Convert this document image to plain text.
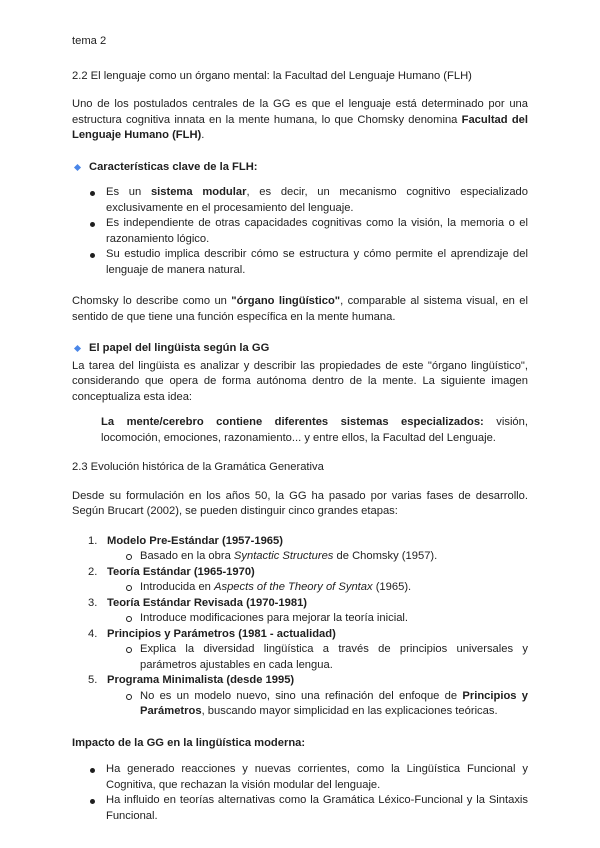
tema 2

2.2 El lenguaje como un órgano mental: la Facultad del Lenguaje Humano (FLH)

Uno de los postulados centrales de la GG es que el lenguaje está determinado por una estructura cognitiva innata en la mente humana, lo que Chomsky denomina Facultad del Lenguaje Humano (FLH).

Características clave de la FLH:
Es un sistema modular, es decir, un mecanismo cognitivo especializado exclusivamente en el procesamiento del lenguaje.
Es independiente de otras capacidades cognitivas como la visión, la memoria o el razonamiento lógico.
Su estudio implica describir cómo se estructura y cómo permite el aprendizaje del lenguaje de manera natural.

Chomsky lo describe como un "órgano lingüístico", comparable al sistema visual, en el sentido de que tiene una función específica en la mente humana.

El papel del lingüista según la GG

La tarea del lingüista es analizar y describir las propiedades de este "órgano lingüístico", considerando que opera de forma autónoma dentro de la mente. La siguiente imagen conceptualiza esta idea:

La mente/cerebro contiene diferentes sistemas especializados: visión, locomoción, emociones, razonamiento... y entre ellos, la Facultad del Lenguaje.

2.3 Evolución histórica de la Gramática Generativa

Desde su formulación en los años 50, la GG ha pasado por varias fases de desarrollo. Según Brucart (2002), se pueden distinguir cinco grandes etapas:

1. Modelo Pre-Estándar (1957-1965)
Basado en la obra Syntactic Structures de Chomsky (1957).
2. Teoría Estándar (1965-1970)
Introducida en Aspects of the Theory of Syntax (1965).
3. Teoría Estándar Revisada (1970-1981)
Introduce modificaciones para mejorar la teoría inicial.
4. Principios y Parámetros (1981 - actualidad)
Explica la diversidad lingüística a través de principios universales y parámetros ajustables en cada lengua.
5. Programa Minimalista (desde 1995)
No es un modelo nuevo, sino una refinación del enfoque de Principios y Parámetros, buscando mayor simplicidad en las explicaciones teóricas.

Impacto de la GG en la lingüística moderna:

Ha generado reacciones y nuevas corrientes, como la Lingüística Funcional y Cognitiva, que rechazan la visión modular del lenguaje.
Ha influido en teorías alternativas como la Gramática Léxico-Funcional y la Sintaxis Funcional.
